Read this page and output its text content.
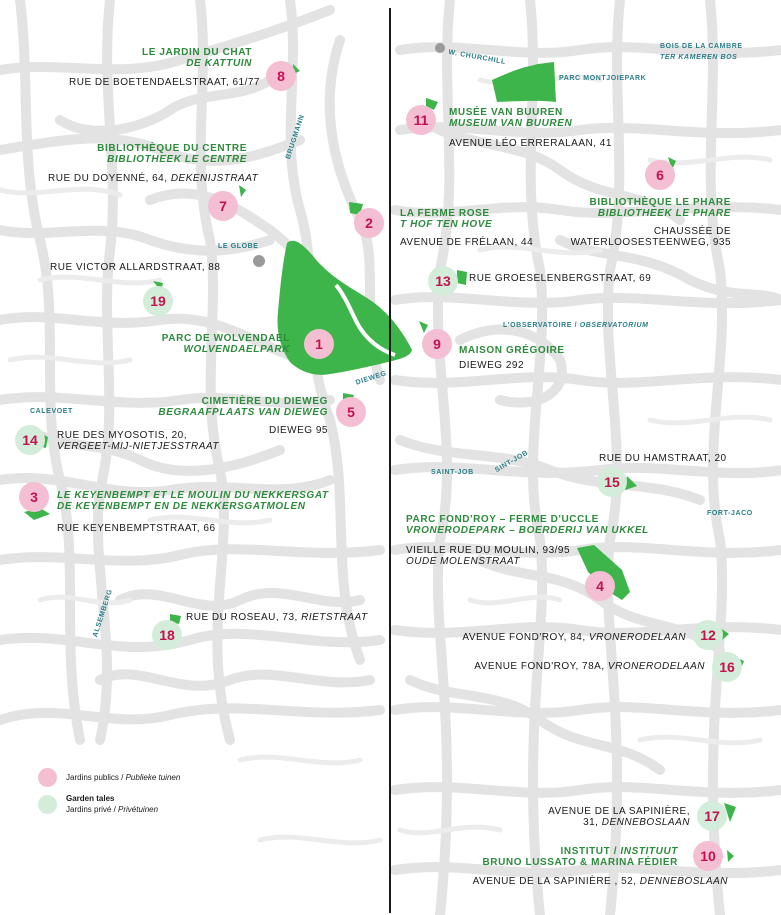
8
11
7
6
2
13
19
1	9
5
14
3
15
4
18	12
16
17
10
LE JARDIN DU CHAT
DE KATTUIN
RUE DE BOETENDAELSTRAAT, 61/77
BIBLIOTHÈQUE DU CENTRE
BIBLIOTHEEK LE CENTRE
RUE DU DOYENNÉ, 64, DEKENIJSTRAAT
RUE VICTOR ALLARDSTRAAT, 88
PARC DE WOLVENDAEL
WOLVENDAELPARK
CIMETIÈRE DU DIEWEG
BEGRAAFPLAATS VAN DIEWEG
DIEWEG 95
RUE DES MYOSOTIS, 20,
VERGEET-MIJ-NIETJESSTRAAT
LE KEYENBEMPT ET LE MOULIN DU NEKKERSGAT
DE KEYENBEMPT EN DE NEKKERSGATMOLEN
RUE KEYENBEMPTSTRAAT, 66
RUE DU ROSEAU, 73, RIETSTRAAT
MUSÉE VAN BUUREN
MUSEUM VAN BUUREN
AVENUE LÉO ERRERALAAN, 41
BIBLIOTHÈQUE LE PHARE
BIBLIOTHEEK LE PHARE
CHAUSSÉE DE
WATERLOOSESTEENWEG, 935
LA FERME ROSE
T HOF TEN HOVE
AVENUE DE FRÉLAAN, 44
RUE GROESELENBERGSTRAAT, 69
MAISON GRÉGOIRE
DIEWEG 292
RUE DU HAMSTRAAT, 20
PARC FOND'ROY – FERME D'UCCLE
VRONERODEPARK – BOERDERIJ VAN UKKEL
VIEILLE RUE DU MOULIN, 93/95
OUDE MOLENSTRAAT
AVENUE FOND'ROY, 84, VRONERODELAAN
AVENUE FOND'ROY, 78A, VRONERODELAAN
AVENUE DE LA SAPINIÈRE,
31, DENNEBOSLAAN
INSTITUT / INSTITUUT
BRUNO LUSSATO & MARINA FÉDIER
AVENUE DE LA SAPINIÈRE , 52, DENNEBOSLAAN
BRUGMANN
LE GLOBE
W. CHURCHILL
PARC MONTJOIEPARK
BOIS DE LA CAMBRE
TER KAMEREN BOS
L'OBSERVATOIRE / OBSERVATORIUM
DIEWEG
CALEVOET
SAINT-JOB	SINT-JOB
FORT-JACO
ALSEMBERG
Jardins publics / Publieke tuinen
Garden tales
Jardins privé / Privétuinen
